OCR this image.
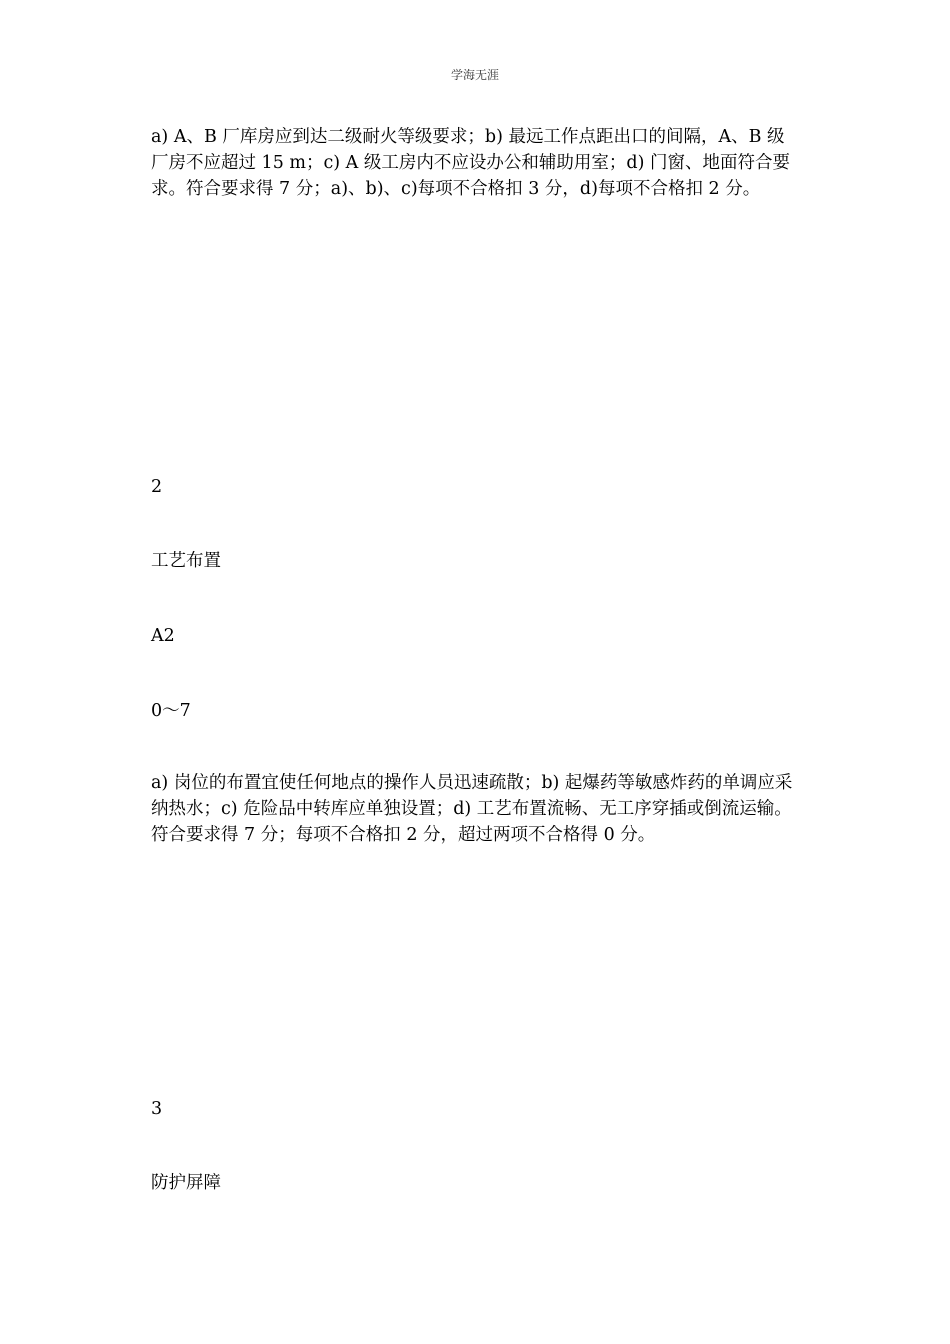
学海无涯
a) A、B 厂库房应到达二级耐火等级要求；b) 最远工作点距出口的间隔，A、B 级厂房不应超过 15 m；c) A 级工房内不应设办公和辅助用室；d) 门窗、地面符合要求。符合要求得 7 分；a)、b)、c)每项不合格扣 3 分，d)每项不合格扣 2 分。
2
工艺布置
A2
0～7
a) 岗位的布置宜使任何地点的操作人员迅速疏散；b) 起爆药等敏感炸药的单调应采纳热水；c) 危险品中转库应单独设置；d) 工艺布置流畅、无工序穿插或倒流运输。符合要求得 7 分；每项不合格扣 2 分，超过两项不合格得 0 分。
3
防护屏障
